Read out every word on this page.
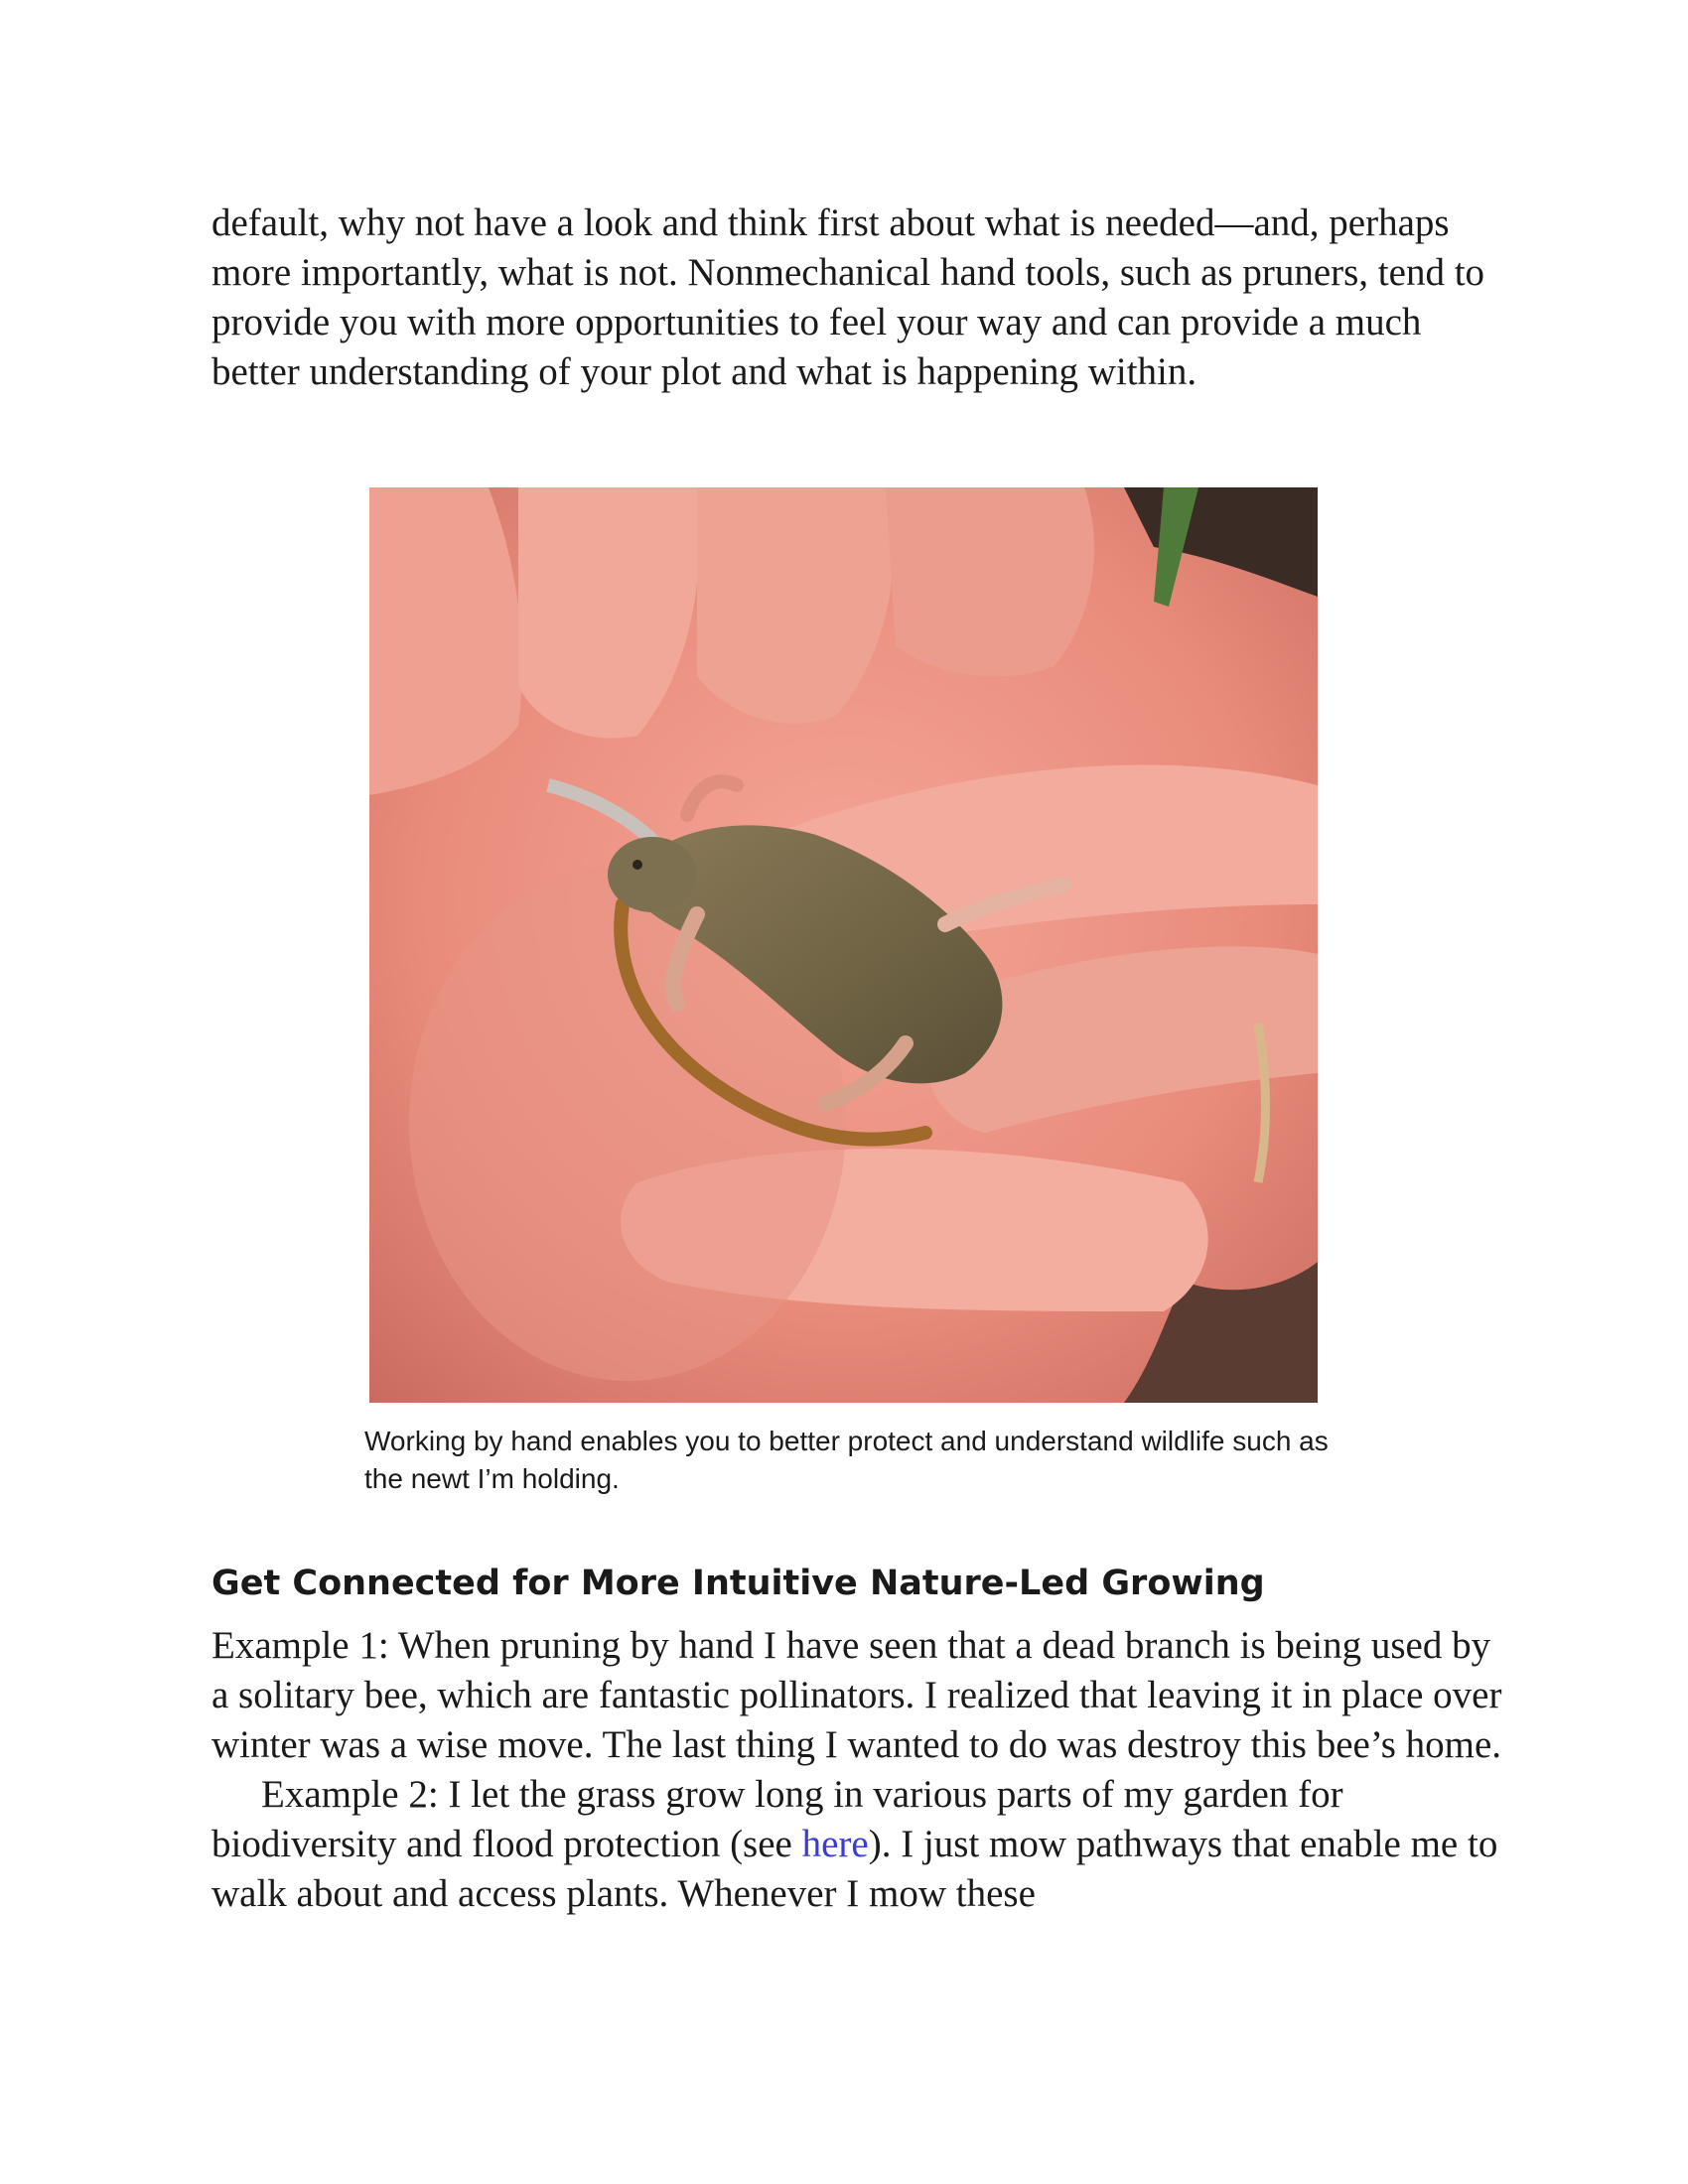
default, why not have a look and think first about what is needed—and, perhaps more importantly, what is not. Nonmechanical hand tools, such as pruners, tend to provide you with more opportunities to feel your way and can provide a much better understanding of your plot and what is happening within.

Working by hand enables you to better protect and understand wildlife such as the newt I’m holding.

Get Connected for More Intuitive Nature-Led Growing

Example 1: When pruning by hand I have seen that a dead branch is being used by a solitary bee, which are fantastic pollinators. I realized that leaving it in place over winter was a wise move. The last thing I wanted to do was destroy this bee’s home.

Example 2: I let the grass grow long in various parts of my garden for biodiversity and flood protection (see here). I just mow pathways that enable me to walk about and access plants. Whenever I mow these
